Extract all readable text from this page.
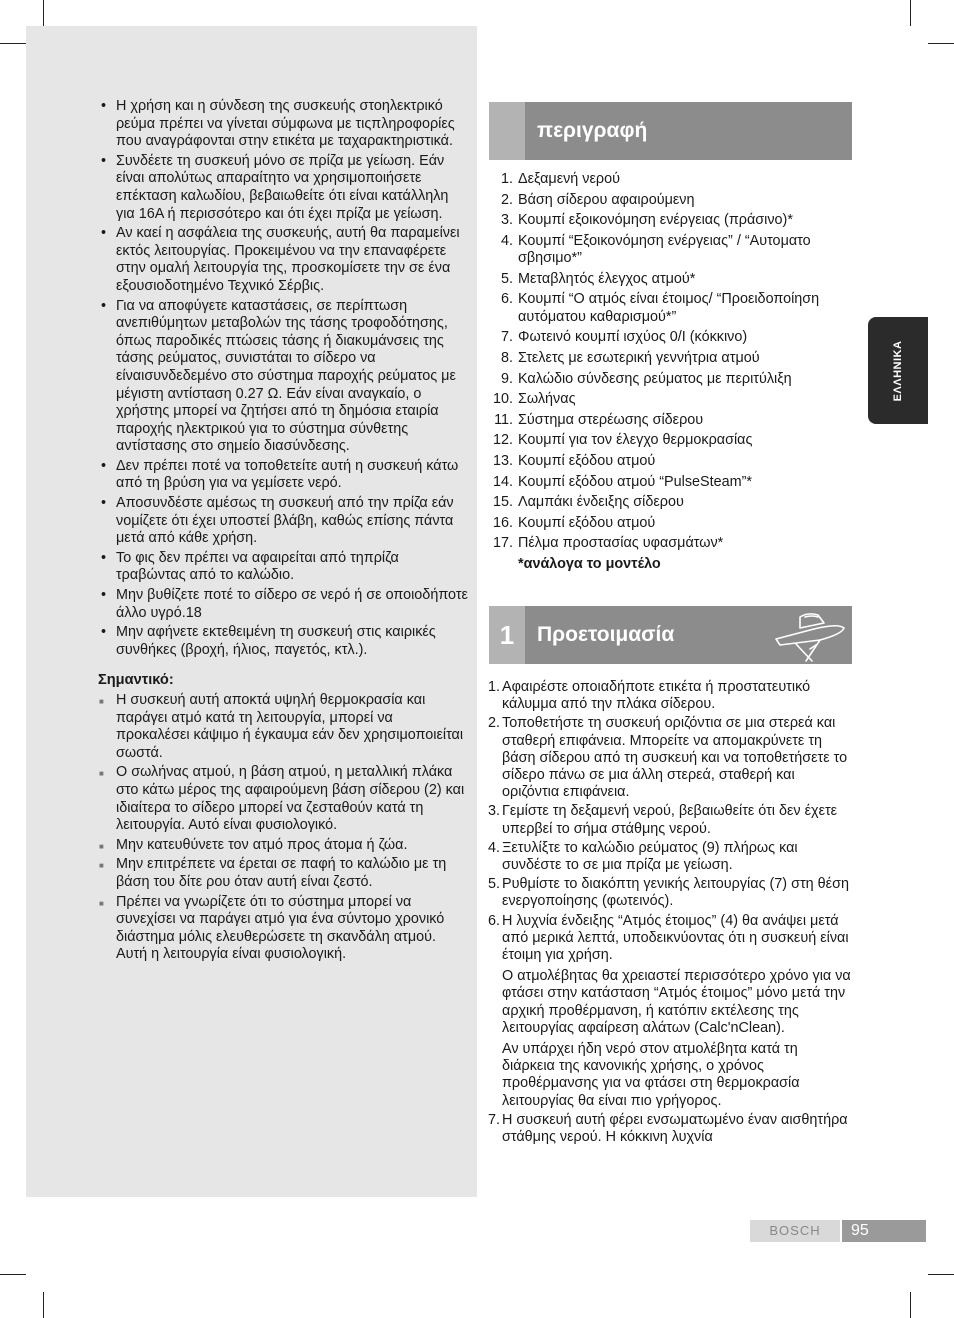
• Η χρήση και η σύνδεση της συσκευής στοηλεκτρικό ρεύμα πρέπει να γίνεται σύμφωνα με τιςπληροφορίες που αναγράφονται στην ετικέτα με ταχαρακτηριστικά.
• Συνδέετε τη συσκευή μόνο σε πρίζα με γείωση. Εάν είναι απολύτως απαραίτητο να χρησιμοποιήσετε επέκταση καλωδίου, βεβαιωθείτε ότι είναι κατάλληλη για 16A ή περισσότερο και ότι έχει πρίζα με γείωση.
• Αν καεί η ασφάλεια της συσκευής, αυτή θα παραμείνει εκτός λειτουργίας. Προκειμένου να την επαναφέρετε στην ομαλή λειτουργία της, προσκομίσετε την σε ένα εξουσιοδοτημένο Τεχνικό Σέρβις.
• Για να αποφύγετε καταστάσεις, σε περίπτωση ανεπιθύμητων μεταβολών της τάσης τροφοδότησης, όπως παροδικές πτώσεις τάσης ή διακυμάνσεις της τάσης ρεύματος, συνιστάται το σίδερο να είναισυνδεδεμένο στο σύστημα παροχής ρεύματος με μέγιστη αντίσταση 0.27 Ω. Εάν είναι αναγκαίο, ο χρήστης μπορεί να ζητήσει από τη δημόσια εταιρία παροχής ηλεκτρικού για το σύστημα σύνθετης αντίστασης στο σημείο διασύνδεσης.
• Δεν πρέπει ποτέ να τοποθετείτε αυτή η συσκευή κάτω από τη βρύση για να γεμίσετε νερό.
• Αποσυνδέστε αμέσως τη συσκευή από την πρίζα εάν νομίζετε ότι έχει υποστεί βλάβη, καθώς επίσης πάντα μετά από κάθε χρήση.
• Το φις δεν πρέπει να αφαιρείται από τηπρίζα τραβώντας από το καλώδιο.
• Μην βυθίζετε ποτέ το σίδερο σε νερό ή σε οποιοδήποτε άλλο υγρό.18
• Μην αφήνετε εκτεθειμένη τη συσκευή στις καιρικές συνθήκες (βροχή, ήλιος, παγετός, κτλ.).
Σημαντικό:
■ Η συσκευή αυτή αποκτά υψηλή θερμοκρασία και παράγει ατμό κατά τη λειτουργία, μπορεί να προκαλέσει κάψιμο ή έγκαυμα εάν δεν χρησιμοποιείται σωστά.
■ Ο σωλήνας ατμού, η βάση ατμού, η μεταλλική πλάκα στο κάτω μέρος της αφαιρούμενη βάση σίδερου (2) και ιδιαίτερα το σίδερο μπορεί να ζεσταθούν κατά τη λειτουργία. Αυτό είναι φυσιολογικό.
■ Μην κατευθύνετε τον ατμό προς άτομα ή ζώα.
■ Μην επιτρέπετε να έρεται σε παφή το καλώδιο με τη βάση του δίτε ρου όταν αυτή είναι ζεστό.
■ Πρέπει να γνωρίζετε ότι το σύστημα μπορεί να συνεχίσει να παράγει ατμό για ένα σύντομο χρονικό διάστημα μόλις ελευθερώσετε τη σκανδάλη ατμού. Αυτή η λειτουργία είναι φυσιολογική.
περιγραφή
1. Δεξαμενή νερού
2. Βάση σίδερου αφαιρούμενη
3. Κουμπί εξοικονόμηση ενέργειας (πράσινο)*
4. Κουμπί “Εξοικονόμηση ενέργειας” / “Αυτοματο σβησιμο*”
5. Μεταβλητός έλεγχος ατμού*
6. Κουμπί “Ο ατμός είναι έτοιμος/ “Προειδοποίηση αυτόματου καθαρισμού*”
7. Φωτεινό κουμπί ισχύος 0/I (κόκκινο)
8. Στελετς με εσωτερική γεννήτρια ατμού
9. Καλώδιο σύνδεσης ρεύματος με περιτύλιξη
10. Σωλήνας
11. Σύστημα στερέωσης σίδερου
12. Κουμπί για τον έλεγχο θερμοκρασίας
13. Κουμπί εξόδου ατμού
14. Κουμπί εξόδου ατμού “PulseSteam”*
15. Λαμπάκι ένδειξης σίδερου
16. Κουμπί εξόδου ατμού
17. Πέλμα προστασίας υφασμάτων*
*ανάλογα το μοντέλο
1	Προετοιμασία
1. Αφαιρέστε οποιαδήποτε ετικέτα ή προστατευτικό κάλυμμα από την πλάκα σίδερου.
2. Τοποθετήστε τη συσκευή οριζόντια σε μια στερεά και σταθερή επιφάνεια. Μπορείτε να απομακρύνετε τη βάση σίδερου από τη συσκευή και να τοποθετήσετε το σίδερο πάνω σε μια άλλη στερεά, σταθερή και οριζόντια επιφάνεια.
3. Γεμίστε τη δεξαμενή νερού, βεβαιωθείτε ότι δεν έχετε υπερβεί το σήμα στάθμης νερού.
4. Ξετυλίξτε το καλώδιο ρεύματος (9) πλήρως και συνδέστε το σε μια πρίζα με γείωση.
5. Ρυθμίστε το διακόπτη γενικής λειτουργίας (7) στη θέση ενεργοποίησης (φωτεινός).
6. Η λυχνία ένδειξης “Ατμός έτοιμος” (4) θα ανάψει μετά από μερικά λεπτά, υποδεικνύοντας ότι η συσκευή είναι έτοιμη για χρήση.
Ο ατμολέβητας θα χρειαστεί περισσότερο χρόνο για να φτάσει στην κατάσταση “Ατμός έτοιμος” μόνο μετά την αρχική προθέρμανση, ή κατόπιν εκτέλεσης της λειτουργίας αφαίρεση αλάτων (Calc'nClean).
Αν υπάρχει ήδη νερό στον ατμολέβητα κατά τη διάρκεια της κανονικής χρήσης, ο χρόνος προθέρμανσης για να φτάσει στη θερμοκρασία λειτουργίας θα είναι πιο γρήγορος.
7. Η συσκευή αυτή φέρει ενσωματωμένο έναν αισθητήρα στάθμης νερού. Η κόκκινη λυχνία
ΕΛΛΗΝΙΚΑ
BOSCH	95
